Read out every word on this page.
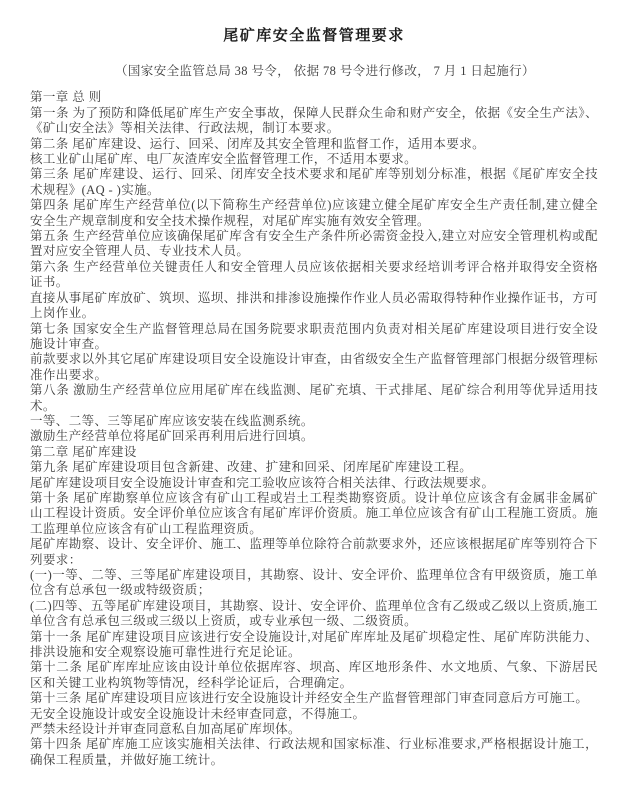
尾矿库安全监督管理要求

（国家安全监管总局 38 号令， 依据 78 号令进行修改， 7 月 1 日起施行）

第一章 总 则

第一条 为了预防和降低尾矿库生产安全事故，保障人民群众生命和财产安全，依据《安全生产法》、《矿山安全法》等相关法律、行政法规，制订本要求。

第二条 尾矿库建设、运行、回采、闭库及其安全管理和监督工作，适用本要求。

核工业矿山尾矿库、电厂灰渣库安全监督管理工作，不适用本要求。

第三条 尾矿库建设、运行、回采、闭库安全技术要求和尾矿库等别划分标准，根据《尾矿库安全技术规程》(AQ - )实施。

第四条 尾矿库生产经营单位(以下简称生产经营单位)应该建立健全尾矿库安全生产责任制,建立健全安全生产规章制度和安全技术操作规程，对尾矿库实施有效安全管理。

第五条 生产经营单位应该确保尾矿库含有安全生产条件所必需资金投入,建立对应安全管理机构或配置对应安全管理人员、专业技术人员。

第六条 生产经营单位关键责任人和安全管理人员应该依据相关要求经培训考评合格并取得安全资格证书。

直接从事尾矿库放矿、筑坝、巡坝、排洪和排渗设施操作作业人员必需取得特种作业操作证书，方可上岗作业。

第七条 国家安全生产监督管理总局在国务院要求职责范围内负责对相关尾矿库建设项目进行安全设施设计审查。

前款要求以外其它尾矿库建设项目安全设施设计审查，由省级安全生产监督管理部门根据分级管理标准作出要求。

第八条 激励生产经营单位应用尾矿库在线监测、尾矿充填、干式排尾、尾矿综合利用等优异适用技术。

一等、二等、三等尾矿库应该安装在线监测系统。

激励生产经营单位将尾矿回采再利用后进行回填。

第二章 尾矿库建设

第九条 尾矿库建设项目包含新建、改建、扩建和回采、闭库尾矿库建设工程。

尾矿库建设项目安全设施设计审查和完工验收应该符合相关法律、行政法规要求。

第十条 尾矿库勘察单位应该含有矿山工程或岩土工程类勘察资质。设计单位应该含有金属非金属矿山工程设计资质。安全评价单位应该含有尾矿库评价资质。施工单位应该含有矿山工程施工资质。施工监理单位应该含有矿山工程监理资质。

尾矿库勘察、设计、安全评价、施工、监理等单位除符合前款要求外，还应该根据尾矿库等别符合下列要求：

(一)一等、二等、三等尾矿库建设项目，其勘察、设计、安全评价、监理单位含有甲级资质，施工单位含有总承包一级或特级资质；

(二)四等、五等尾矿库建设项目，其勘察、设计、安全评价、监理单位含有乙级或乙级以上资质,施工单位含有总承包三级或三级以上资质，或专业承包一级、二级资质。

第十一条 尾矿库建设项目应该进行安全设施设计,对尾矿库库址及尾矿坝稳定性、尾矿库防洪能力、排洪设施和安全观察设施可靠性进行充足论证。

第十二条 尾矿库库址应该由设计单位依据库容、坝高、库区地形条件、水文地质、气象、下游居民区和关键工业构筑物等情况，经科学论证后，合理确定。

第十三条 尾矿库建设项目应该进行安全设施设计并经安全生产监督管理部门审查同意后方可施工。

无安全设施设计或安全设施设计未经审查同意，不得施工。

严禁未经设计并审查同意私自加高尾矿库坝体。

第十四条 尾矿库施工应该实施相关法律、行政法规和国家标准、行业标准要求,严格根据设计施工，确保工程质量，并做好施工统计。
